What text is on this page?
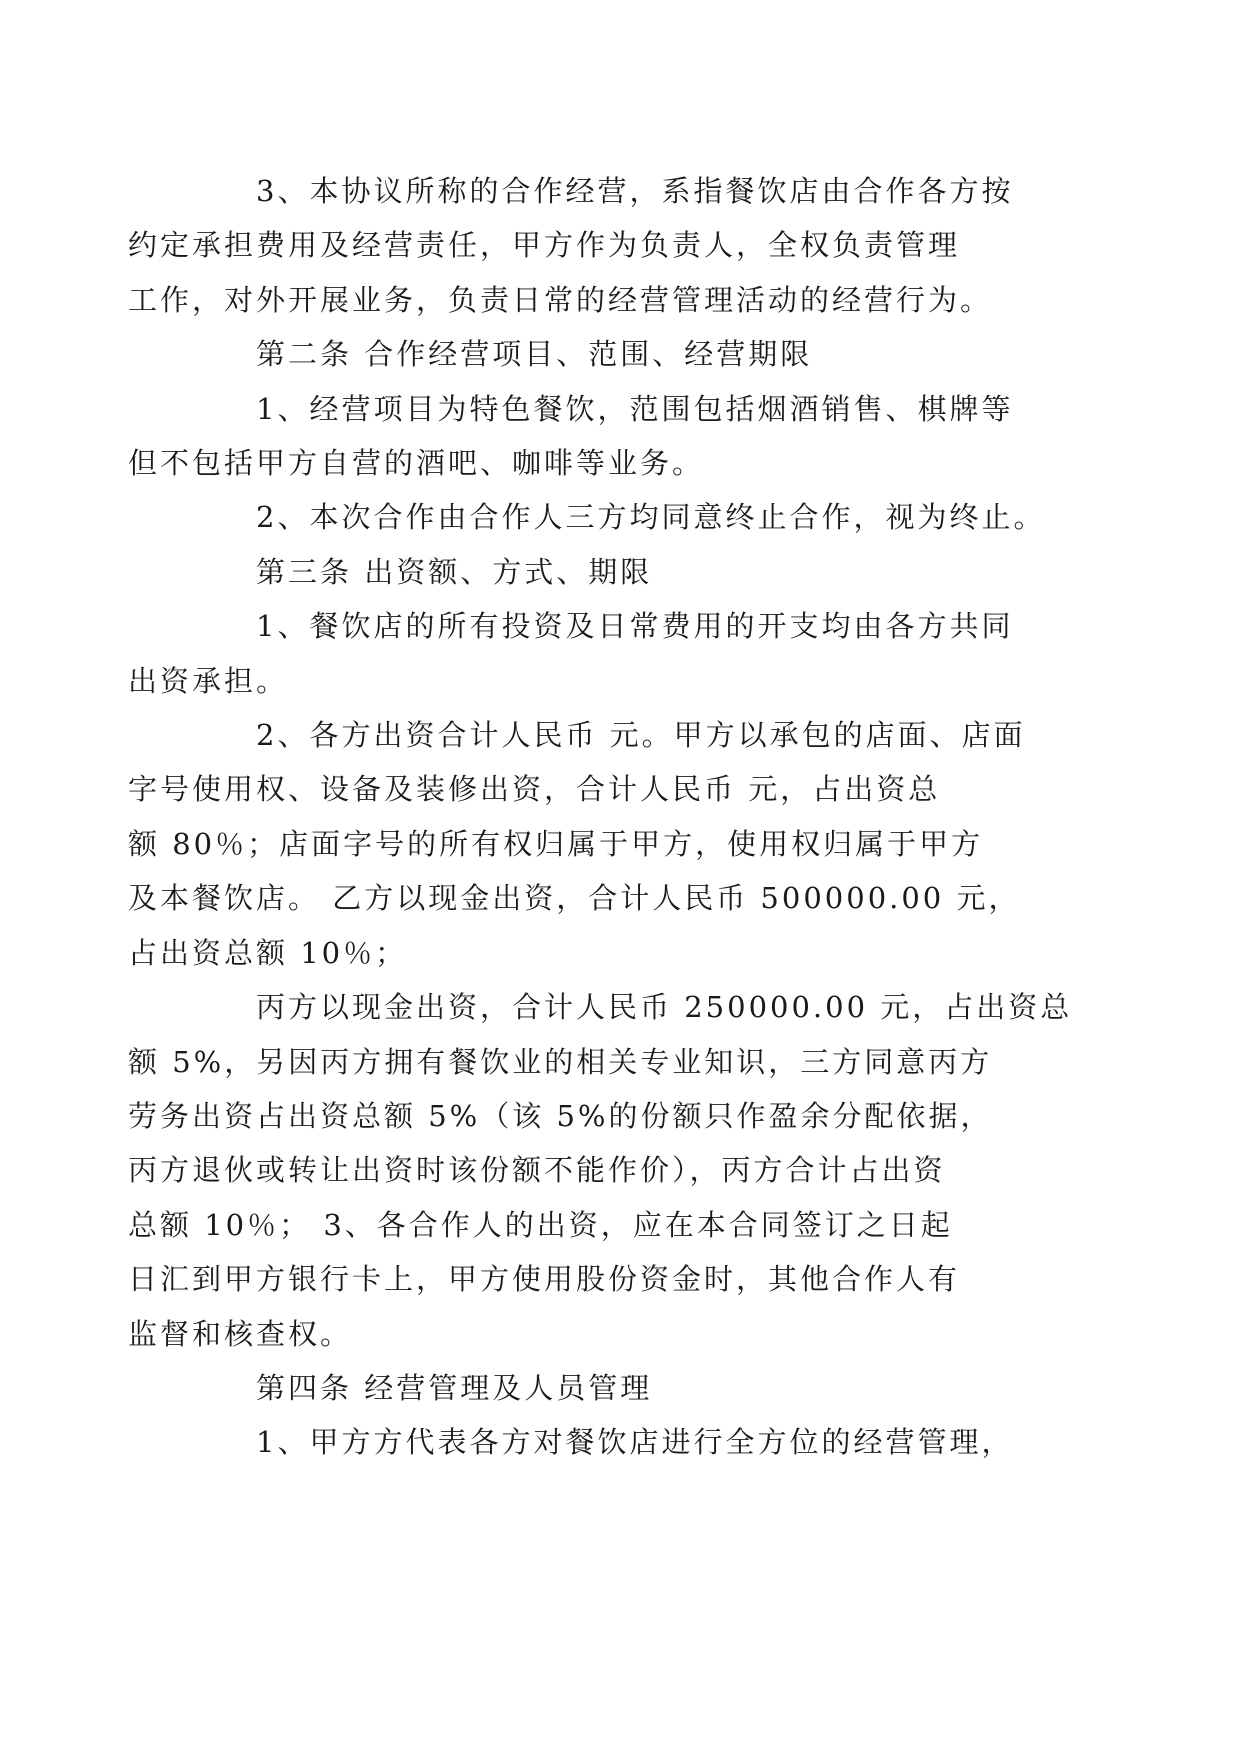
3、本协议所称的合作经营，系指餐饮店由合作各方按
约定承担费用及经营责任，甲方作为负责人，全权负责管理
工作，对外开展业务，负责日常的经营管理活动的经营行为。
第二条 合作经营项目、范围、经营期限
1、经营项目为特色餐饮，范围包括烟酒销售、棋牌等
但不包括甲方自营的酒吧、咖啡等业务。
2、本次合作由合作人三方均同意终止合作，视为终止。
第三条 出资额、方式、期限
1、餐饮店的所有投资及日常费用的开支均由各方共同
出资承担。
2、各方出资合计人民币 元。甲方以承包的店面、店面
字号使用权、设备及装修出资，合计人民币 元，占出资总
额 80％；店面字号的所有权归属于甲方，使用权归属于甲方
及本餐饮店。 乙方以现金出资，合计人民币 500000.00 元，
占出资总额 10％；
丙方以现金出资，合计人民币 250000.00 元，占出资总
额 5%，另因丙方拥有餐饮业的相关专业知识，三方同意丙方
劳务出资占出资总额 5%（该 5%的份额只作盈余分配依据，
丙方退伙或转让出资时该份额不能作价），丙方合计占出资
总额 10％； 3、各合作人的出资，应在本合同签订之日起
日汇到甲方银行卡上，甲方使用股份资金时，其他合作人有
监督和核查权。
第四条 经营管理及人员管理
1、甲方方代表各方对餐饮店进行全方位的经营管理，
